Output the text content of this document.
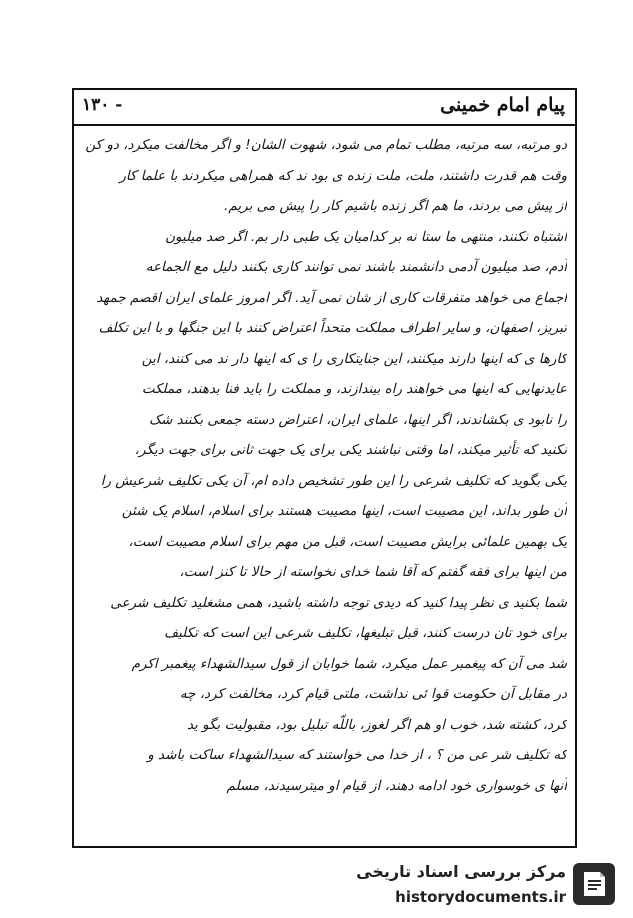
پیام امام خمینی
۱۳۰ -
دو مرتبه، سه مرتبه، مطلب تمام می شود، شهوت الشان! و اگر مخالفت میکرد، دو کن
وقت هم قدرت داشتند، ملت، ملت زنده ی بود ند که همراهی میکردند با علما کار
از پیش می بردند، ما هم اگر زنده باشیم کار را پیش می بریم.
اشتباه نکنند، منتهی ما ستا نه بر کدامیان یک طبی دار بم. اگر صد میلیون
آدم، صد میلیون آدمی دانشمند باشند نمی توانند کاری بکنند دلیل مع الجماعه
اجماع می خواهد متفرقات کاری از شان نمی آید. اگر امروز علمای ایران اقصم جمهد
تبریز، اصفهان، و سایر اطراف مملکت متحداً اعتراض کنند با این جنگها و با این تکلف
کارها ی که اینها دارند میکنند، این جنایتکاری را ی که اینها دار ند می کنند، این
عایدنهایی که اینها می خواهند راه بیندازند، و مملکت را باید فنا بدهند، مملکت
را نابود ی بکشاندند، اگر اینها، علمای ایران، اعتراض دسته جمعی بکنند شک
نکنید که تأثیر میکند، اما وقتی نباشند یکی برای یک جهت ثانی برای جهت دیگر،
یکی بگوید که تکلیف شرعی را این طور تشخیص داده ام، آن یکی تکلیف شرعیش را
آن طور بداند، این مصیبت است، اینها مصیبت هستند برای اسلام، اسلام یک شئن
یک بهمین علمائی برایش مصیبت است، قبل من مهم برای اسلام مصیبت است،
من اینها برای فقه گفتم که آقا شما خدای نخواسته از حالا تا کنز است،
شما بکنید ی نظر پیدا کنید که دیدی توجه داشته باشید، همی مشغلید تکلیف شرعی
برای خود تان درست کنند، قبل تبلیغها، تکلیف شرعی این است که تکلیف
شد می آن که پیغمبر عمل میکرد، شما خوابان از قول سیدالشهداء پیغمبر اکرم
در مقابل آن حکومت قوا ئی نداشت، ملتی قیام کرد، مخالفت کرد، چه
کرد، کشته شد، خوب او هم اگر لغوز، باللّه تبلیل بود، مقبولیت بگو ید
که تکلیف شر عی من ؟ ، از خدا می خواستند که سیدالشهداء ساکت باشد و
آنها ی خوسواری خود ادامه دهند، از قیام او میترسیدند، مسلم
مرکز بررسی اسناد تاریخی
historydocuments.ir
